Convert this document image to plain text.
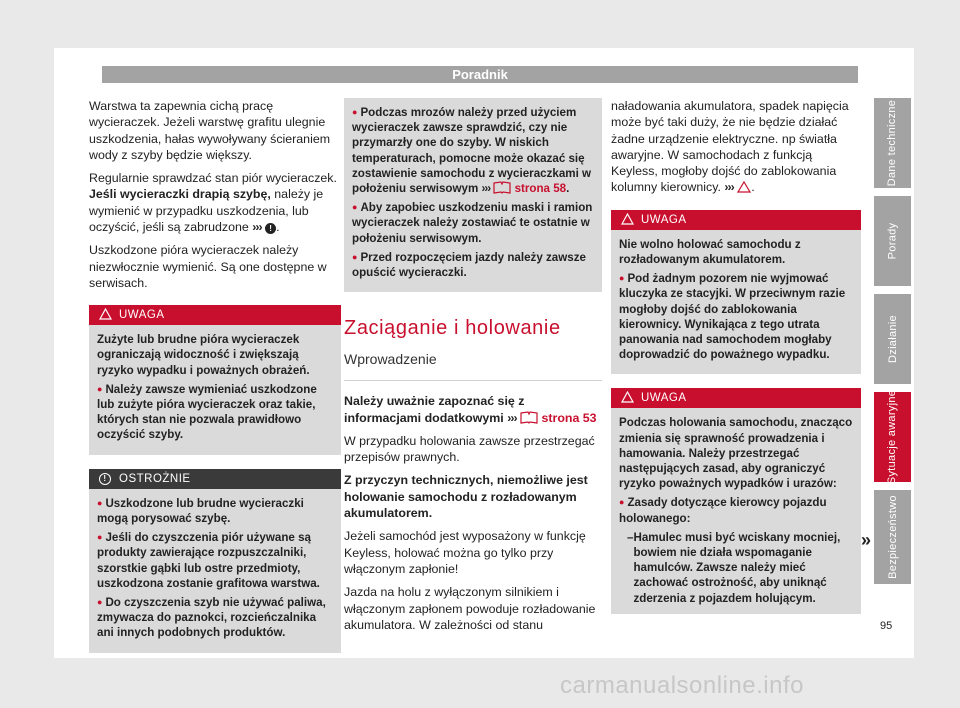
Poradnik

Warstwa ta zapewnia cichą pracę wycieraczek. Jeżeli warstwę grafitu ulegnie uszkodzenia, hałas wywoływany ścieraniem wody z szyby będzie większy.

Regularnie sprawdzać stan piór wycieraczek. Jeśli wycieraczki drapią szybę, należy je wymienić w przypadku uszkodzenia, lub oczyścić, jeśli są zabrudzone ››› ! .

Uszkodzone pióra wycieraczek należy niezwłocznie wymienić. Są one dostępne w serwisach.

UWAGA

Zużyte lub brudne pióra wycieraczek ograniczają widoczność i zwiększają ryzyko wypadku i poważnych obrażeń.

● Należy zawsze wymieniać uszkodzone lub zużyte pióra wycieraczek oraz takie, których stan nie pozwala prawidłowo oczyścić szyby.

!	OSTROŻNIE

● Uszkodzone lub brudne wycieraczki mogą porysować szybę.

● Jeśli do czyszczenia piór używane są produkty zawierające rozpuszczalniki, szorstkie gąbki lub ostre przedmioty, uszkodzona zostanie grafitowa warstwa.

● Do czyszczenia szyb nie używać paliwa, zmywacza do paznokci, rozcieńczalnika ani innych podobnych produktów.

● Podczas mrozów należy przed użyciem wycieraczek zawsze sprawdzić, czy nie przymarzły one do szyby. W niskich temperaturach, pomocne może okazać się zostawienie samochodu z wycieraczkami w położeniu serwisowym ››› strona 58.

● Aby zapobiec uszkodzeniu maski i ramion wycieraczek należy zostawiać te ostatnie w położeniu serwisowym.

● Przed rozpoczęciem jazdy należy zawsze opuścić wycieraczki.

Zaciąganie i holowanie
Wprowadzenie

Należy uważnie zapoznać się z informacjami dodatkowymi ››› strona 53

W przypadku holowania zawsze przestrzegać przepisów prawnych.

Z przyczyn technicznych, niemożliwe jest holowanie samochodu z rozładowanym akumulatorem.

Jeżeli samochód jest wyposażony w funkcję Keyless, holować można go tylko przy włączonym zapłonie!

Jazda na holu z wyłączonym silnikiem i włączonym zapłonem powoduje rozładowanie akumulatora. W zależności od stanu

naładowania akumulatora, spadek napięcia może być taki duży, że nie będzie działać żadne urządzenie elektryczne. np światła awaryjne. W samochodach z funkcją Keyless, mogłoby dojść do zablokowania kolumny kierownicy. ››› .

UWAGA

Nie wolno holować samochodu z rozładowanym akumulatorem.

● Pod żadnym pozorem nie wyjmować kluczyka ze stacyjki. W przeciwnym razie mogłoby dojść do zablokowania kierownicy. Wynikająca z tego utrata panowania nad samochodem mogłaby doprowadzić do poważnego wypadku.

UWAGA

Podczas holowania samochodu, znacząco zmienia się sprawność prowadzenia i hamowania. Należy przestrzegać następujących zasad, aby ograniczyć ryzyko poważnych wypadków i urazów:

● Zasady dotyczące kierowcy pojazdu holowanego:

– Hamulec musi być wciskany mocniej, bowiem nie działa wspomaganie hamulców. Zawsze należy mieć zachować ostrożność, aby uniknąć zderzenia z pojazdem holującym.
»
Dane techniczne
Porady
Działanie
Sytuacje awaryjne
Bezpieczeństwo
95
carmanualsonline.info
